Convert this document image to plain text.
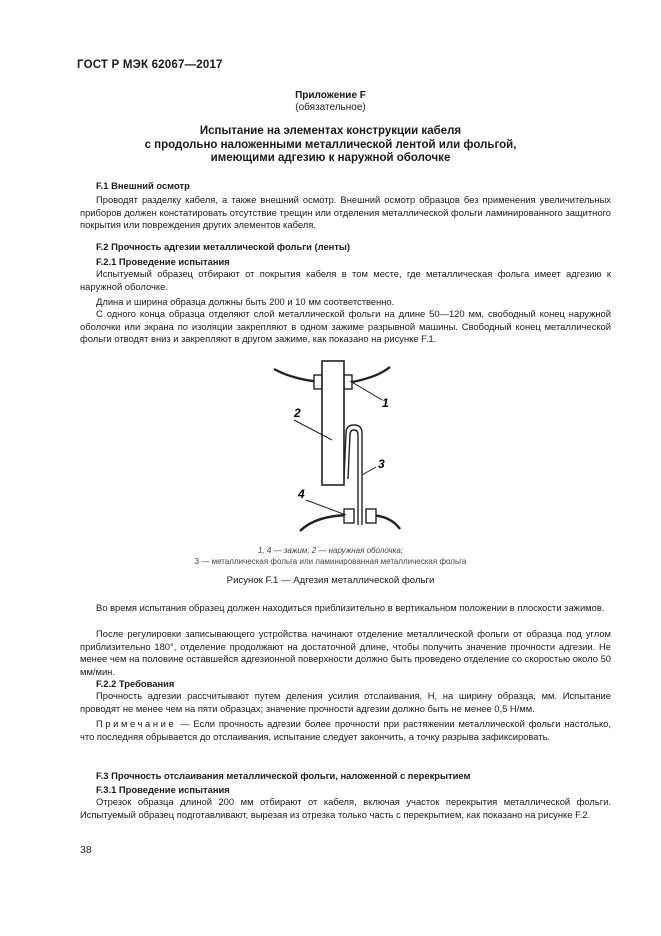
ГОСТ Р МЭК 62067—2017
Приложение F
(обязательное)
Испытание на элементах конструкции кабеля
с продольно наложенными металлической лентой или фольгой,
имеющими адгезию к наружной оболочке
F.1 Внешний осмотр
Проводят разделку кабеля, а также внешний осмотр. Внешний осмотр образцов без применения увеличительных приборов должен констатировать отсутствие трещин или отделения металлической фольги ламинированного защитного покрытия или повреждения других элементов кабеля.
F.2 Прочность адгезии металлической фольги (ленты)
F.2.1 Проведение испытания
Испытуемый образец отбирают от покрытия кабеля в том месте, где металлическая фольга имеет адгезию к наружной оболочке.
Длина и ширина образца должны быть 200 и 10 мм соответственно.
С одного конца образца отделяют слой металлической фольги на длине 50—120 мм, свободный конец наружной оболочки или экрана по изоляции закрепляют в одном зажиме разрывной машины. Свободный конец металлической фольги отводят вниз и закрепляют в другом зажиме, как показано на рисунке F.1.
1
2
3
4
1, 4 — зажим; 2 — наружная оболочка;
3 — металлическая фольга или ламинированная металлическая фольга
Рисунок F.1 — Адгезия металлической фольги
Во время испытания образец должен находиться приблизительно в вертикальном положении в плоскости зажимов.
После регулировки записывающего устройства начинают отделение металлической фольги от образца под углом приблизительно 180°, отделение продолжают на достаточной длине, чтобы получить значение прочности адгезии. Не менее чем на половине оставшейся адгезионной поверхности должно быть проведено отделение со скоростью около 50 мм/мин.
F.2.2 Требования
Прочность адгезии рассчитывают путем деления усилия отслаивания, Н, на ширину образца, мм. Испытание проводят не менее чем на пяти образцах; значение прочности адгезии должно быть не менее 0,5 Н/мм.
Примечание — Если прочность адгезии более прочности при растяжении металлической фольги настолько, что последняя обрывается до отслаивания, испытание следует закончить, а точку разрыва зафиксировать.
F.3 Прочность отслаивания металлической фольги, наложенной с перекрытием
F.3.1 Проведение испытания
Отрезок образца длиной 200 мм отбирают от кабеля, включая участок перекрытия металлической фольги. Испытуемый образец подготавливают, вырезая из отрезка только часть с перекрытием, как показано на рисунке F.2.
38
